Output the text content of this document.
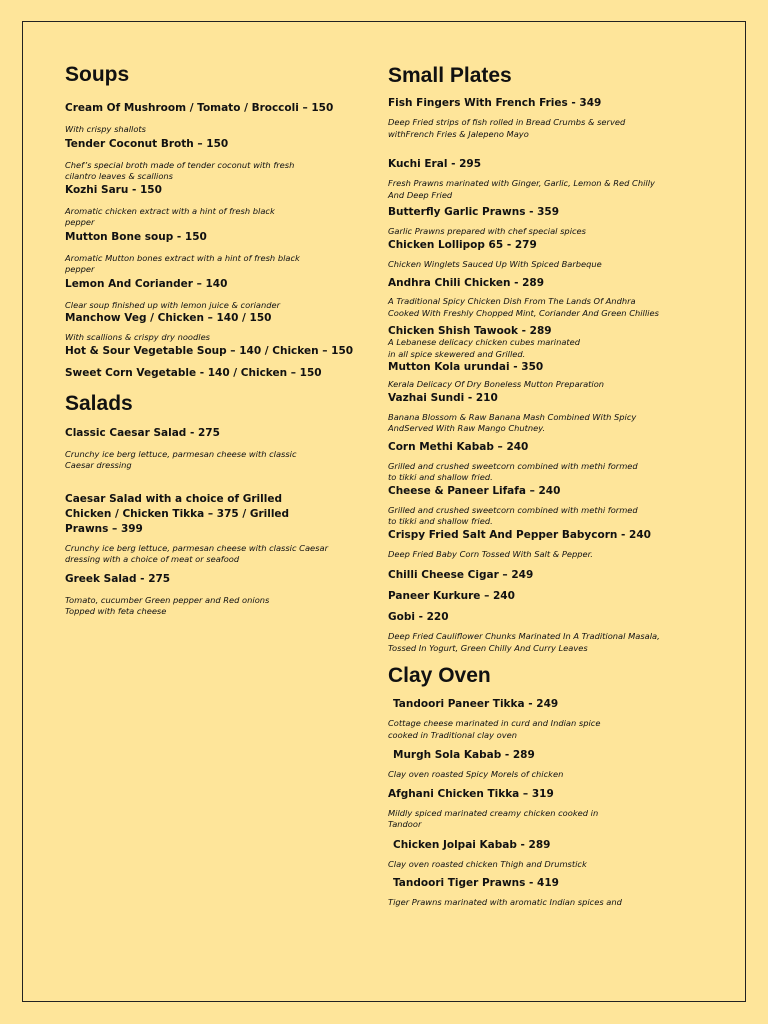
Soups

Cream Of Mushroom / Tomato / Broccoli – 150

With crispy shallots

Tender Coconut Broth – 150

Chef’s special broth made of tender coconut with fresh cilantro leaves & scallions

Kozhi Saru - 150

Aromatic chicken extract with a hint of fresh black pepper

Mutton Bone soup - 150

Aromatic Mutton bones extract with a hint of fresh black pepper

Lemon And Coriander – 140

Clear soup finished up with lemon juice & coriander

Manchow Veg / Chicken – 140 / 150

With scallions & crispy dry noodles

Hot & Sour Vegetable Soup – 140 / Chicken – 150

Sweet Corn Vegetable - 140 / Chicken – 150

Salads

Classic Caesar Salad - 275

Crunchy ice berg lettuce, parmesan cheese with classic Caesar dressing

Caesar Salad with a choice of Grilled Chicken / Chicken Tikka – 375 / Grilled Prawns – 399

Crunchy ice berg lettuce, parmesan cheese with classic Caesar dressing with a choice of meat or seafood

Greek Salad - 275

Tomato, cucumber Green pepper and Red onions Topped with feta cheese

Small Plates

Fish Fingers With French Fries - 349

Deep Fried strips of fish rolled in Bread Crumbs & served withFrench Fries & Jalepeno Mayo

Kuchi Eral - 295

Fresh Prawns marinated with Ginger, Garlic, Lemon & Red Chilly And Deep Fried

Butterfly Garlic Prawns - 359

Garlic Prawns prepared with chef special spices

Chicken Lollipop 65 - 279

Chicken Winglets Sauced Up With Spiced Barbeque

Andhra Chili Chicken - 289

A Traditional Spicy Chicken Dish From The Lands Of Andhra Cooked With Freshly Chopped Mint, Coriander And Green Chillies

Chicken Shish Tawook - 289

A Lebanese delicacy chicken cubes marinated in all spice skewered and Grilled.

Mutton Kola urundai - 350

Kerala Delicacy Of Dry Boneless Mutton Preparation

Vazhai Sundi - 210

Banana Blossom & Raw Banana Mash Combined With Spicy AndServed With Raw Mango Chutney.

Corn Methi Kabab – 240

Grilled and crushed sweetcorn combined with methi formed to tikki and shallow fried.

Cheese & Paneer Lifafa – 240

Grilled and crushed sweetcorn combined with methi formed to tikki and shallow fried.

Crispy Fried Salt And Pepper Babycorn - 240

Deep Fried Baby Corn Tossed With Salt & Pepper.

Chilli Cheese Cigar – 249

Paneer Kurkure – 240

Gobi - 220

Deep Fried Cauliflower Chunks Marinated In A Traditional Masala, Tossed In Yogurt, Green Chilly And Curry Leaves

Clay Oven

Tandoori Paneer Tikka - 249

Cottage cheese marinated in curd and Indian spice cooked in Traditional clay oven

Murgh Sola Kabab - 289

Clay oven roasted Spicy Morels of chicken

Afghani Chicken Tikka – 319

Mildly spiced marinated creamy chicken cooked in Tandoor

Chicken Jolpai Kabab - 289

Clay oven roasted chicken Thigh and Drumstick

Tandoori Tiger Prawns - 419

Tiger Prawns marinated with aromatic Indian spices and
